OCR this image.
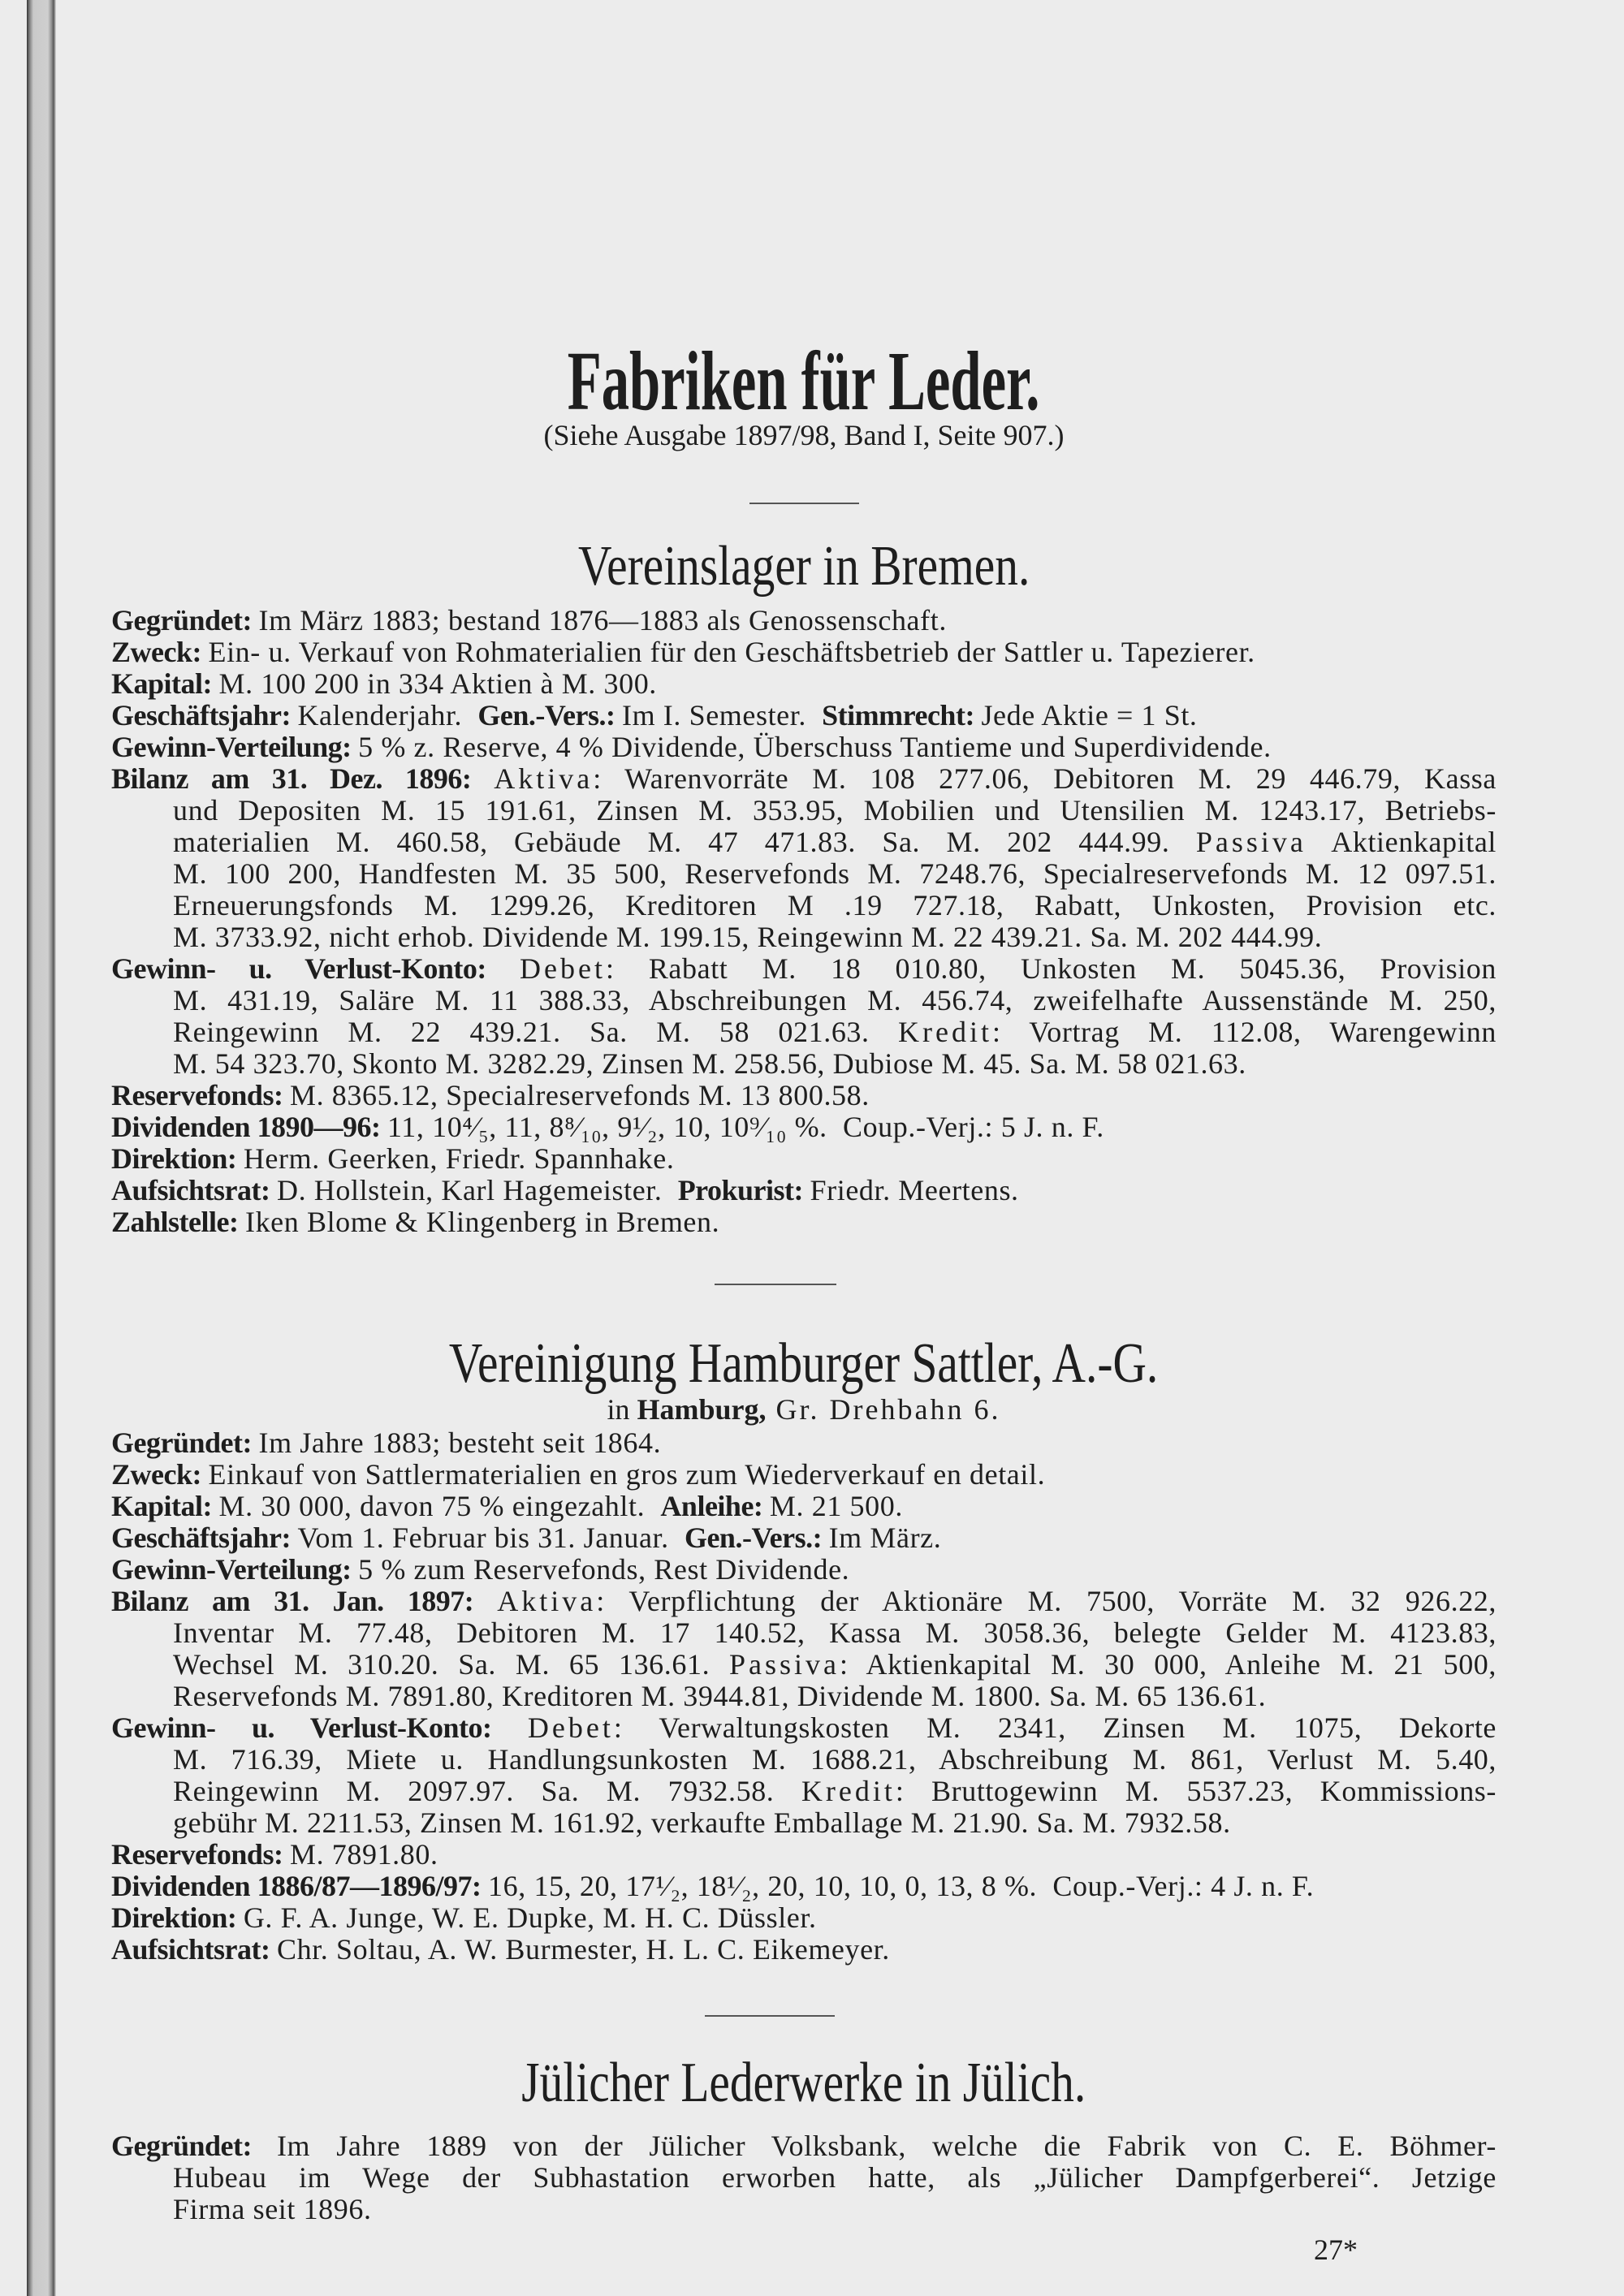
Fabriken für Leder.
(Siehe Ausgabe 1897/98, Band I, Seite 907.)
Vereinslager in Bremen.
Gegründet: Im März 1883; bestand 1876—1883 als Genossenschaft.
Zweck: Ein- u. Verkauf von Rohmaterialien für den Geschäftsbetrieb der Sattler u. Tapezierer.
Kapital: M. 100 200 in 334 Aktien à M. 300.
Geschäftsjahr: Kalenderjahr.  Gen.-Vers.: Im I. Semester.  Stimmrecht: Jede Aktie = 1 St.
Gewinn-Verteilung: 5 % z. Reserve, 4 % Dividende, Überschuss Tantieme und Superdividende.
Bilanz am 31. Dez. 1896: Aktiva: Warenvorräte M. 108 277.06, Debitoren M. 29 446.79, Kassa
und Depositen M. 15 191.61, Zinsen M. 353.95, Mobilien und Utensilien M. 1243.17, Betriebs-
materialien M. 460.58, Gebäude M. 47 471.83. Sa. M. 202 444.99. Passiva Aktienkapital
M. 100 200, Handfesten M. 35 500, Reservefonds M. 7248.76, Specialreservefonds M. 12 097.51.
Erneuerungsfonds M. 1299.26, Kreditoren M .19 727.18, Rabatt, Unkosten, Provision etc.
M. 3733.92, nicht erhob. Dividende M. 199.15, Reingewinn M. 22 439.21. Sa. M. 202 444.99.
Gewinn- u. Verlust-Konto: Debet: Rabatt M. 18 010.80, Unkosten M. 5045.36, Provision
M. 431.19, Saläre M. 11 388.33, Abschreibungen M. 456.74, zweifelhafte Aussenstände M. 250,
Reingewinn M. 22 439.21. Sa. M. 58 021.63. Kredit: Vortrag M. 112.08, Warengewinn
M. 54 323.70, Skonto M. 3282.29, Zinsen M. 258.56, Dubiose M. 45. Sa. M. 58 021.63.
Reservefonds: M. 8365.12, Specialreservefonds M. 13 800.58.
Dividenden 1890—96: 11, 10⁴⁄₅, 11, 8⁸⁄₁₀, 9¹⁄₂, 10, 10⁹⁄₁₀ %.  Coup.-Verj.: 5 J. n. F.
Direktion: Herm. Geerken, Friedr. Spannhake.
Aufsichtsrat: D. Hollstein, Karl Hagemeister.  Prokurist: Friedr. Meertens.
Zahlstelle: Iken Blome & Klingenberg in Bremen.
Vereinigung Hamburger Sattler, A.-G.
in Hamburg, Gr. Drehbahn 6.
Gegründet: Im Jahre 1883; besteht seit 1864.
Zweck: Einkauf von Sattlermaterialien en gros zum Wiederverkauf en detail.
Kapital: M. 30 000, davon 75 % eingezahlt.  Anleihe: M. 21 500.
Geschäftsjahr: Vom 1. Februar bis 31. Januar.  Gen.-Vers.: Im März.
Gewinn-Verteilung: 5 % zum Reservefonds, Rest Dividende.
Bilanz am 31. Jan. 1897: Aktiva: Verpflichtung der Aktionäre M. 7500, Vorräte M. 32 926.22,
Inventar M. 77.48, Debitoren M. 17 140.52, Kassa M. 3058.36, belegte Gelder M. 4123.83,
Wechsel M. 310.20. Sa. M. 65 136.61. Passiva: Aktienkapital M. 30 000, Anleihe M. 21 500,
Reservefonds M. 7891.80, Kreditoren M. 3944.81, Dividende M. 1800. Sa. M. 65 136.61.
Gewinn- u. Verlust-Konto: Debet: Verwaltungskosten M. 2341, Zinsen M. 1075, Dekorte
M. 716.39, Miete u. Handlungsunkosten M. 1688.21, Abschreibung M. 861, Verlust M. 5.40,
Reingewinn M. 2097.97. Sa. M. 7932.58. Kredit: Bruttogewinn M. 5537.23, Kommissions-
gebühr M. 2211.53, Zinsen M. 161.92, verkaufte Emballage M. 21.90. Sa. M. 7932.58.
Reservefonds: M. 7891.80.
Dividenden 1886/87—1896/97: 16, 15, 20, 17¹⁄₂, 18¹⁄₂, 20, 10, 10, 0, 13, 8 %.  Coup.-Verj.: 4 J. n. F.
Direktion: G. F. A. Junge, W. E. Dupke, M. H. C. Düssler.
Aufsichtsrat: Chr. Soltau, A. W. Burmester, H. L. C. Eikemeyer.
Jülicher Lederwerke in Jülich.
Gegründet: Im Jahre 1889 von der Jülicher Volksbank, welche die Fabrik von C. E. Böhmer-
Hubeau im Wege der Subhastation erworben hatte, als „Jülicher Dampfgerberei“. Jetzige
Firma seit 1896.
27*
